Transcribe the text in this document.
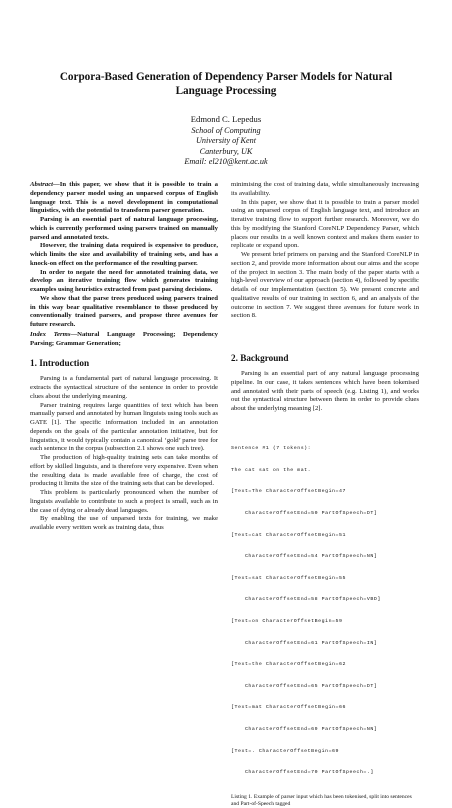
Corpora-Based Generation of Dependency Parser Models for Natural Language Processing
Edmond C. Lepedus
School of Computing
University of Kent
Canterbury, UK
Email: el210@kent.ac.uk

Abstract—In this paper, we show that it is possible to train a dependency parser model using an unparsed corpus of English language text. This is a novel development in computational linguistics, with the potential to transform parser generation.

Parsing is an essential part of natural language processing, which is currently performed using parsers trained on manually parsed and annotated texts.

However, the training data required is expensive to produce, which limits the size and availability of training sets, and has a knock-on effect on the performance of the resulting parser.

In order to negate the need for annotated training data, we develop an iterative training flow which generates training examples using heuristics extracted from past parsing decisions.

We show that the parse trees produced using parsers trained in this way bear qualitative resemblance to those produced by conventionally trained parsers, and propose three avenues for future research.

Index Terms—Natural Language Processing; Dependency Parsing; Grammar Generation;
1. Introduction

Parsing is a fundamental part of natural language processing. It extracts the syntactical structure of the sentence in order to provide clues about the underlying meaning.

Parser training requires large quantities of text which has been manually parsed and annotated by human linguists using tools such as GATE [1]. The specific information included in an annotation depends on the goals of the particular annotation initiative, but for linguistics, it would typically contain a canonical ‘gold’ parse tree for each sentence in the corpus (subsection 2.1 shows one such tree).

The production of high-quality training sets can take months of effort by skilled linguists, and is therefore very expensive. Even when the resulting data is made available free of charge, the cost of producing it limits the size of the training sets that can be developed.

This problem is particularly pronounced when the number of linguists available to contribute to such a project is small, such as in the case of dying or already dead languages.

By enabling the use of unparsed texts for training, we make available every written work as training data, thus

minimising the cost of training data, while simultaneously increasing its availability.

In this paper, we show that it is possible to train a parser model using an unparsed corpus of English language text, and introduce an iterative training flow to support further research. Moreover, we do this by modifying the Stanford CoreNLP Dependency Parser, which places our results in a well known context and makes them easier to replicate or expand upon.

We present brief primers on parsing and the Stanford CoreNLP in section 2, and provide more information about our aims and the scope of the project in section 3. The main body of the paper starts with a high-level overview of our approach (section 4), followed by specific details of our implementation (section 5). We present concrete and qualitative results of our training in section 6, and an analysis of the outcome in section 7. We suggest three avenues for future work in section 8.

2. Background

Parsing is an essential part of any natural language processing pipeline. In our case, it takes sentences which have been tokenised and annotated with their parts of speech (e.g. Listing 1), and works out the syntactical structure between them in order to provide clues about the underlying meaning [2].

Sentence #1 (7 tokens):

The cat sat on the mat.

[Text=The CharacterOffsetBegin=47

CharacterOffsetEnd=50 PartOfSpeech=DT]

[Text=cat CharacterOffsetBegin=51

CharacterOffsetEnd=54 PartOfSpeech=NN]

[Text=sat CharacterOffsetBegin=55

CharacterOffsetEnd=58 PartOfSpeech=VBD]

[Text=on CharacterOffsetBegin=59

CharacterOffsetEnd=61 PartOfSpeech=IN]

[Text=the CharacterOffsetBegin=62

CharacterOffsetEnd=65 PartOfSpeech=DT]

[Text=mat CharacterOffsetBegin=66

CharacterOffsetEnd=69 PartOfSpeech=NN]

[Text=. CharacterOffsetBegin=69

CharacterOffsetEnd=70 PartOfSpeech=.]

Listing 1. Example of parser input which has been tokenised, split into sentences and Part-of-Speech tagged
